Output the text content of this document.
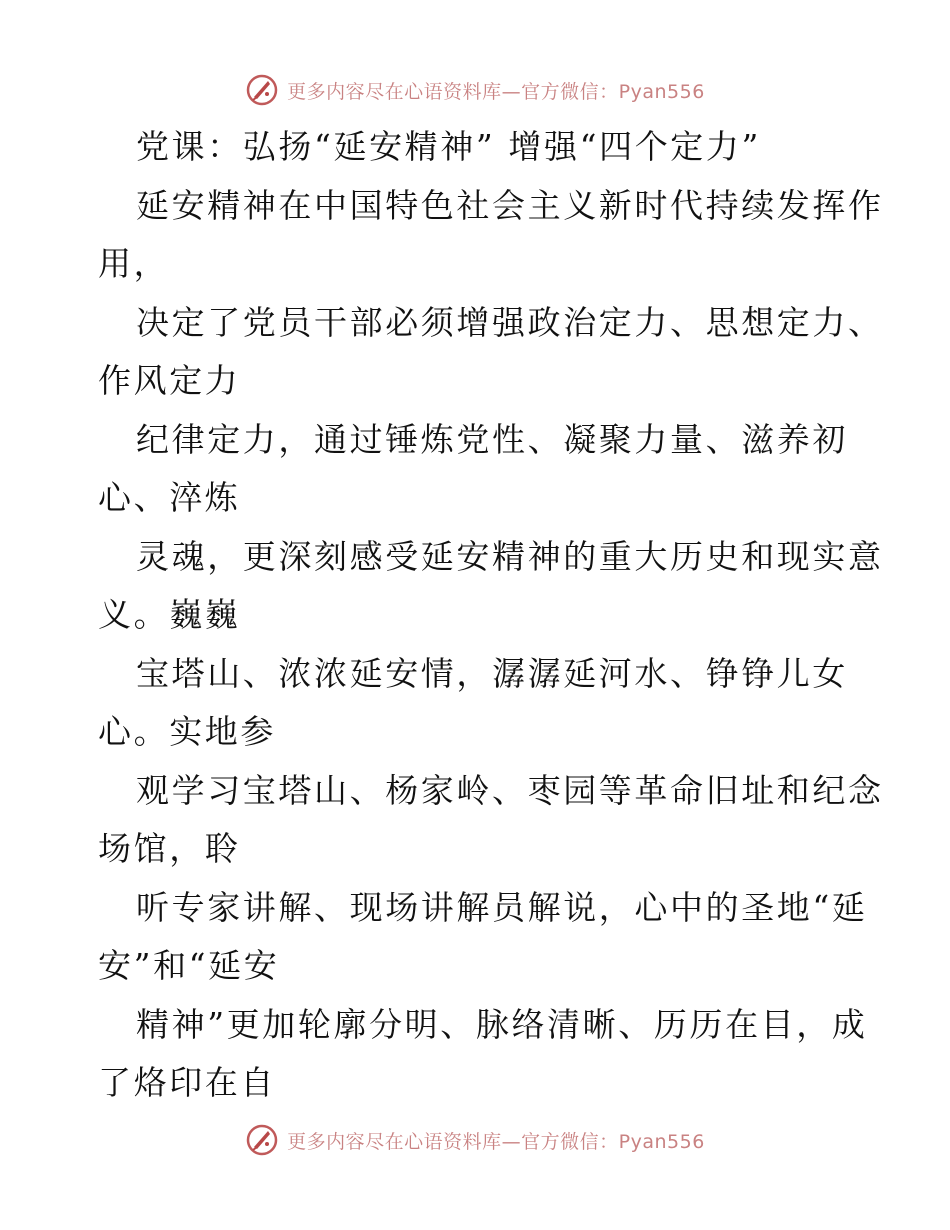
更多内容尽在心语资料库—官方微信：Pyan556
党课：弘扬“延安精神” 增强“四个定力”
延安精神在中国特色社会主义新时代持续发挥作
用，
决定了党员干部必须增强政治定力、思想定力、
作风定力
纪律定力，通过锤炼党性、凝聚力量、滋养初
心、淬炼
灵魂，更深刻感受延安精神的重大历史和现实意
义。巍巍
宝塔山、浓浓延安情，潺潺延河水、铮铮儿女
心。实地参
观学习宝塔山、杨家岭、枣园等革命旧址和纪念
场馆，聆
听专家讲解、现场讲解员解说，心中的圣地“延
安”和“延安
精神”更加轮廓分明、脉络清晰、历历在目，成
了烙印在自
更多内容尽在心语资料库—官方微信：Pyan556
